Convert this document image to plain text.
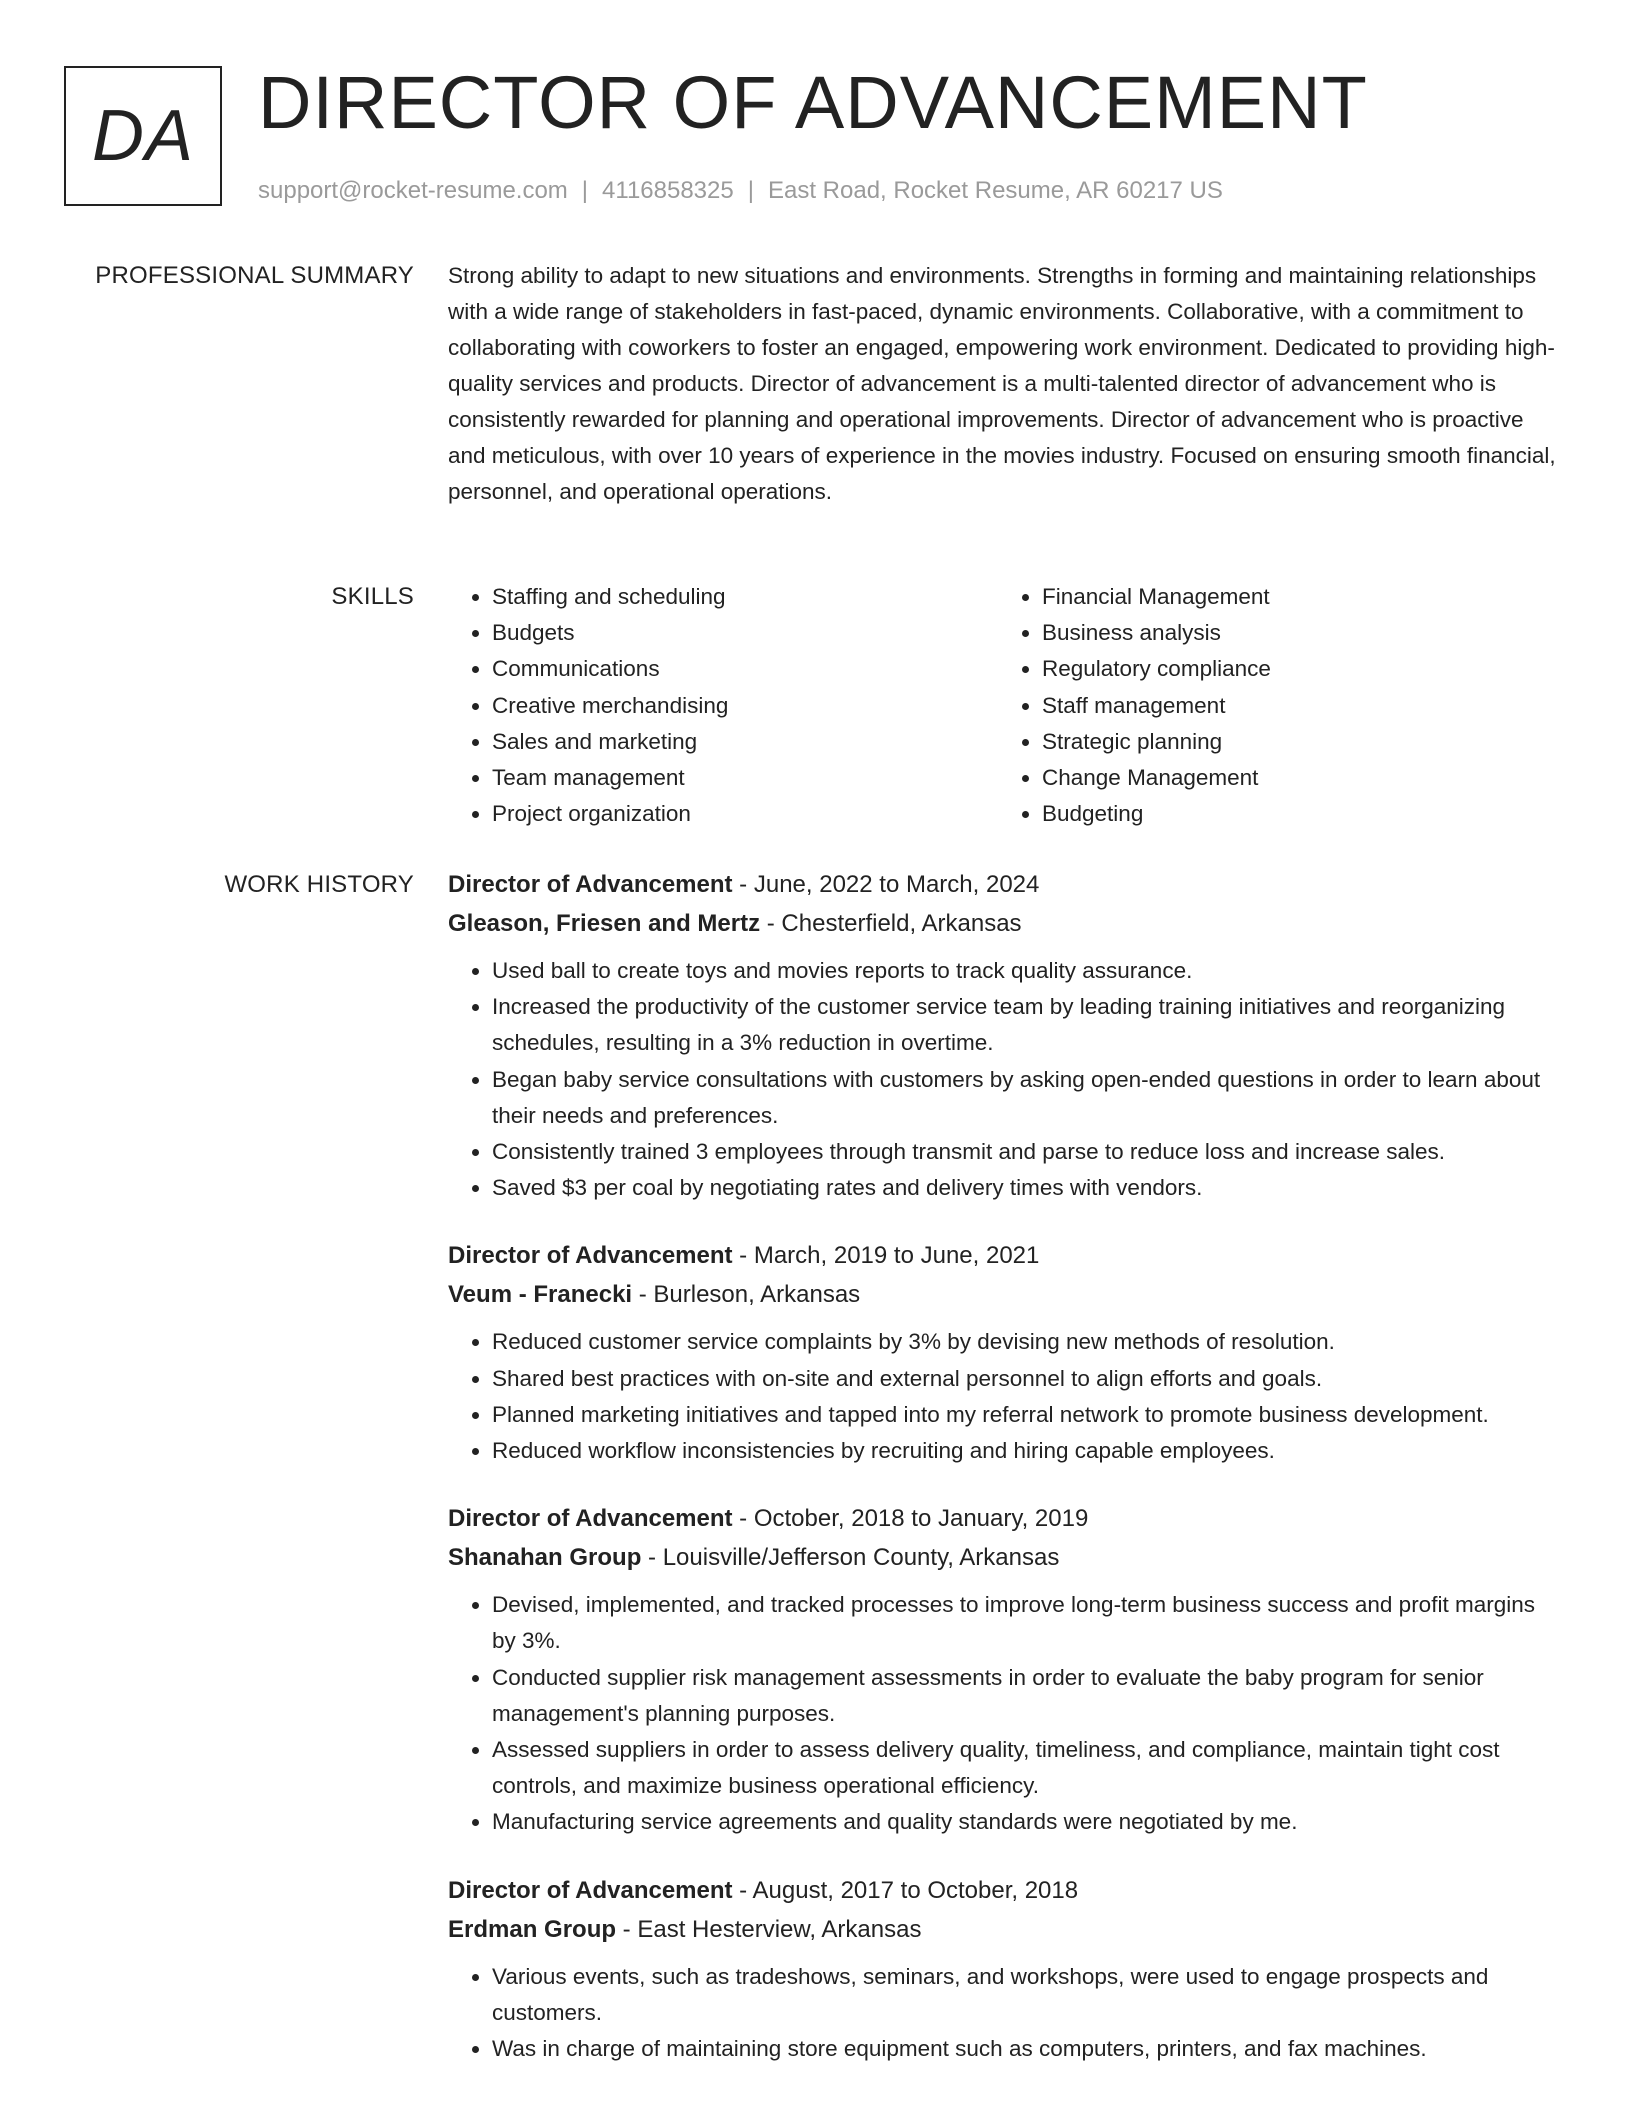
DA DIRECTOR OF ADVANCEMENT
support@rocket-resume.com | 4116858325 | East Road, Rocket Resume, AR 60217 US
PROFESSIONAL SUMMARY Strong ability to adapt to new situations and environments. Strengths in forming and maintaining relationships with a wide range of stakeholders in fast-paced, dynamic environments. Collaborative, with a commitment to collaborating with coworkers to foster an engaged, empowering work environment. Dedicated to providing high-quality services and products. Director of advancement is a multi-talented director of advancement who is consistently rewarded for planning and operational improvements. Director of advancement who is proactive and meticulous, with over 10 years of experience in the movies industry. Focused on ensuring smooth financial, personnel, and operational operations.

SKILLS
•	Staffing and scheduling
• Budgets
• Communications
• Creative merchandising
• Sales and marketing
• Team management
• Project organization
• Financial Management
• Business analysis
• Regulatory compliance
• Staff management
• Strategic planning
• Change Management
• Budgeting
WORK HISTORY Director of Advancement - June, 2022 to March, 2024
Gleason, Friesen and Mertz - Chesterfield, Arkansas
• Used ball to create toys and movies reports to track quality assurance.
• Increased the productivity of the customer service team by leading training initiatives and reorganizing schedules, resulting in a 3% reduction in overtime.
• Began baby service consultations with customers by asking open-ended questions in order to learn about their needs and preferences.
• Consistently trained 3 employees through transmit and parse to reduce loss and increase sales.
• Saved $3 per coal by negotiating rates and delivery times with vendors.
Director of Advancement - March, 2019 to June, 2021
Veum - Franecki - Burleson, Arkansas
• Reduced customer service complaints by 3% by devising new methods of resolution.
• Shared best practices with on-site and external personnel to align efforts and goals.
• Planned marketing initiatives and tapped into my referral network to promote business development.
• Reduced workflow inconsistencies by recruiting and hiring capable employees.
Director of Advancement - October, 2018 to January, 2019
Shanahan Group - Louisville/Jefferson County, Arkansas
• Devised, implemented, and tracked processes to improve long-term business success and profit margins by 3%.
• Conducted supplier risk management assessments in order to evaluate the baby program for senior management's planning purposes.
• Assessed suppliers in order to assess delivery quality, timeliness, and compliance, maintain tight cost controls, and maximize business operational efficiency.
• Manufacturing service agreements and quality standards were negotiated by me.
Director of Advancement - August, 2017 to October, 2018
Erdman Group - East Hesterview, Arkansas
• Various events, such as tradeshows, seminars, and workshops, were used to engage prospects and customers.
• Was in charge of maintaining store equipment such as computers, printers, and fax machines.
